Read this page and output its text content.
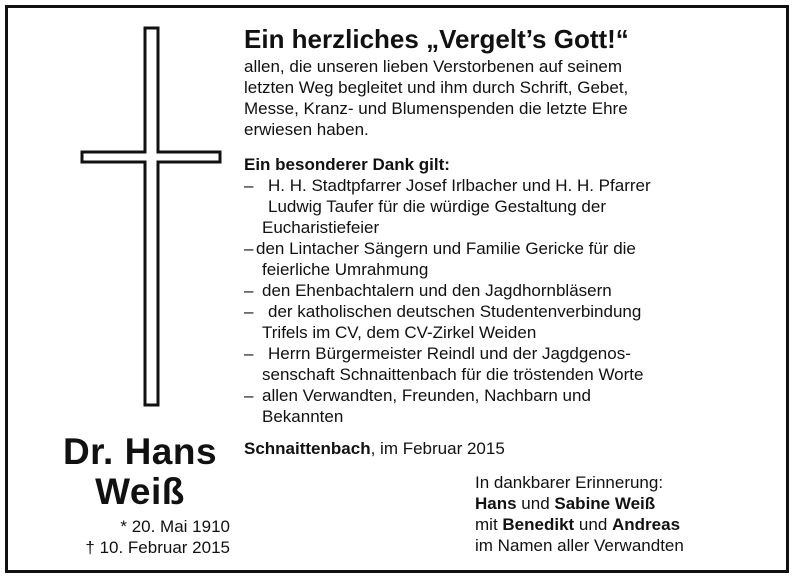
Dr. Hans
Weiß
* 20. Mai 1910
† 10. Februar 2015
Ein herzliches „Vergelt’s Gott!“
allen, die unseren lieben Verstorbenen auf seinem
letzten Weg begleitet und ihm durch Schrift, Gebet,
Messe, Kranz- und Blumenspenden die letzte Ehre
erwiesen haben.
Ein besonderer Dank gilt:
– H. H. Stadtpfarrer Josef Irlbacher und H. H. Pfarrer
Ludwig Taufer für die würdige Gestaltung der
Eucharistiefeier
– den Lintacher Sängern und Familie Gericke für die
feierliche Umrahmung
– den Ehenbachtalern und den Jagdhornbläsern
– der katholischen deutschen Studentenverbindung
Trifels im CV, dem CV-Zirkel Weiden
– Herrn Bürgermeister Reindl und der Jagdgenos-
senschaft Schnaittenbach für die tröstenden Worte
– allen Verwandten, Freunden, Nachbarn und
Bekannten
Schnaittenbach, im Februar 2015
In dankbarer Erinnerung:
Hans und Sabine Weiß
mit Benedikt und Andreas
im Namen aller Verwandten
